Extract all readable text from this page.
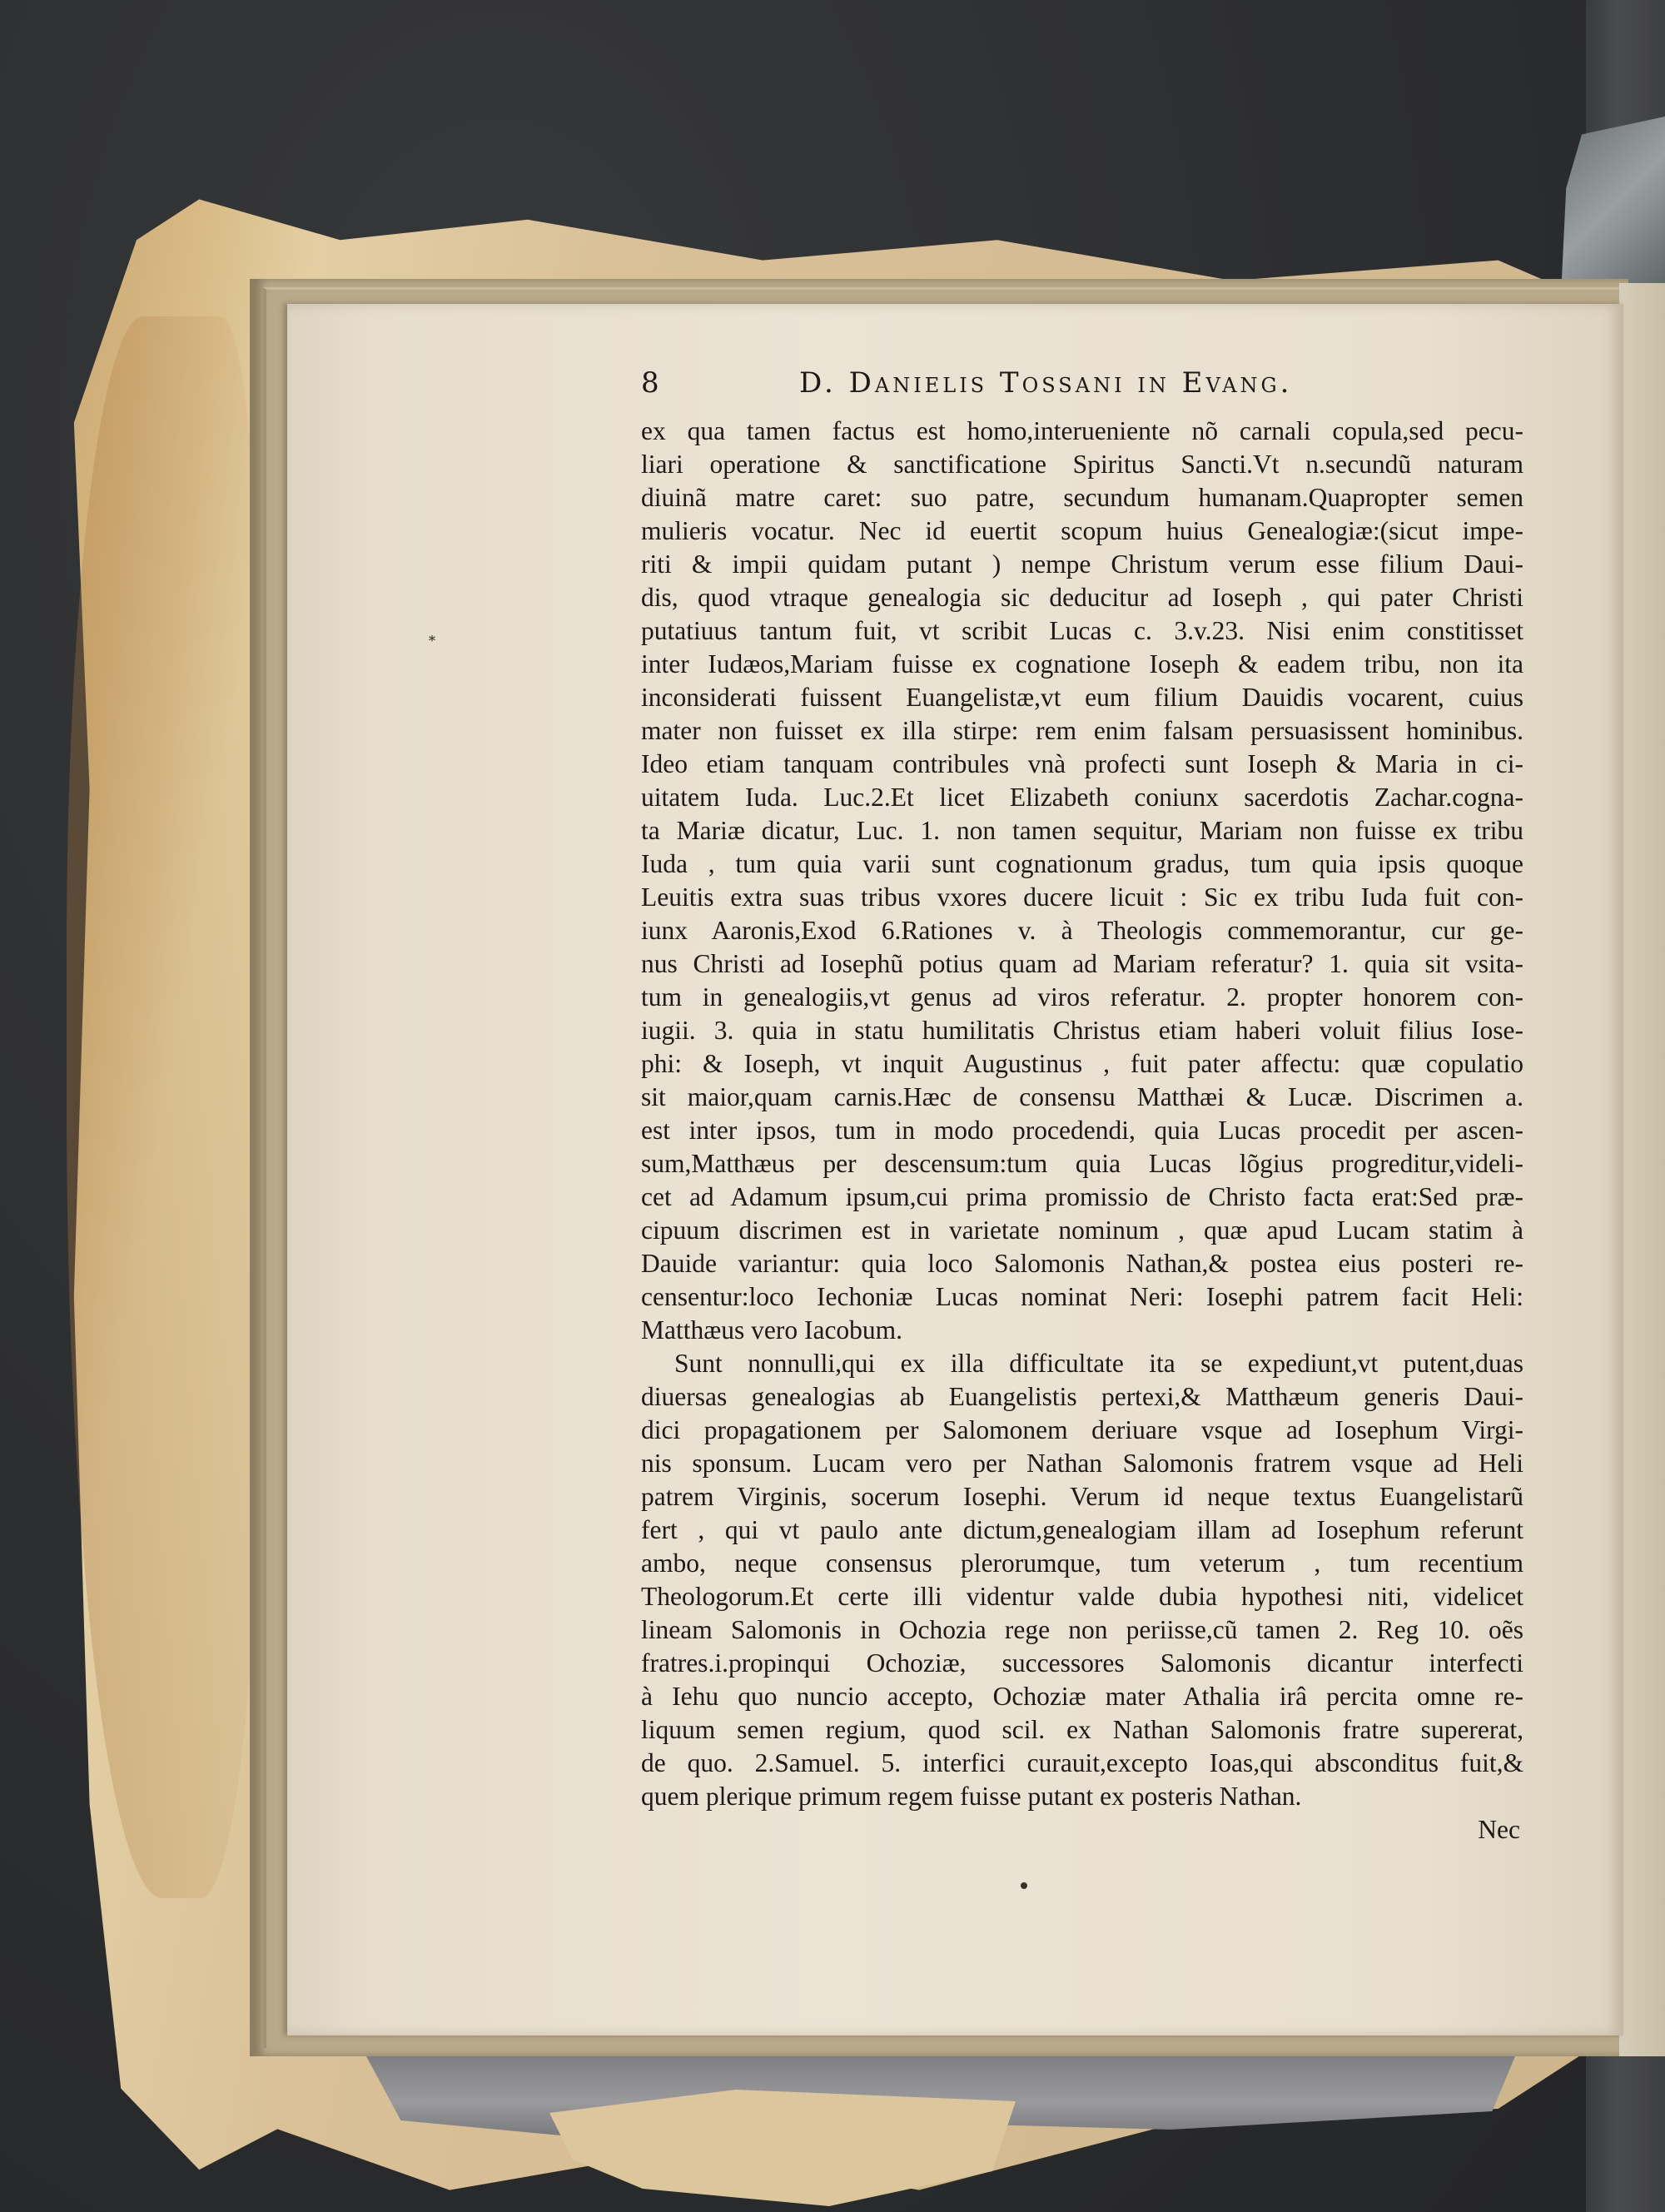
*
8	D. Danielis Tossani in Evang.
ex qua tamen factus est homo,interueniente nõ carnali copula,sed pecu-
liari operatione & sanctificatione Spiritus Sancti.Vt n.secundũ naturam
diuinã matre caret: suo patre, secundum humanam.Quapropter semen
mulieris vocatur. Nec id euertit scopum huius Genealogiæ:(sicut impe-
riti & impii quidam putant ) nempe Christum verum esse filium Daui-
dis, quod vtraque genealogia sic deducitur ad Ioseph , qui pater Christi
putatiuus tantum fuit, vt scribit Lucas c. 3.v.23. Nisi enim constitisset
inter Iudæos,Mariam fuisse ex cognatione Ioseph & eadem tribu, non ita
inconsiderati fuissent Euangelistæ,vt eum filium Dauidis vocarent, cuius
mater non fuisset ex illa stirpe: rem enim falsam persuasissent hominibus.
Ideo etiam tanquam contribules vnà profecti sunt Ioseph & Maria in ci-
uitatem Iuda. Luc.2.Et licet Elizabeth coniunx sacerdotis Zachar.cogna-
ta Mariæ dicatur, Luc. 1. non tamen sequitur, Mariam non fuisse ex tribu
Iuda , tum quia varii sunt cognationum gradus, tum quia ipsis quoque
Leuitis extra suas tribus vxores ducere licuit : Sic ex tribu Iuda fuit con-
iunx Aaronis,Exod 6.Rationes v. à Theologis commemorantur, cur ge-
nus Christi ad Iosephũ potius quam ad Mariam referatur? 1. quia sit vsita-
tum in genealogiis,vt genus ad viros referatur. 2. propter honorem con-
iugii. 3. quia in statu humilitatis Christus etiam haberi voluit filius Iose-
phi: & Ioseph, vt inquit Augustinus , fuit pater affectu: quæ copulatio
sit maior,quam carnis.Hæc de consensu Matthæi & Lucæ. Discrimen a.
est inter ipsos, tum in modo procedendi, quia Lucas procedit per ascen-
sum,Matthæus per descensum:tum quia Lucas lõgius progreditur,videli-
cet ad Adamum ipsum,cui prima promissio de Christo facta erat:Sed præ-
cipuum discrimen est in varietate nominum , quæ apud Lucam statim à
Dauide variantur: quia loco Salomonis Nathan,& postea eius posteri re-
censentur:loco Iechoniæ Lucas nominat Neri: Iosephi patrem facit Heli:
Matthæus vero Iacobum.
Sunt nonnulli,qui ex illa difficultate ita se expediunt,vt putent,duas
diuersas genealogias ab Euangelistis pertexi,& Matthæum generis Daui-
dici propagationem per Salomonem deriuare vsque ad Iosephum Virgi-
nis sponsum. Lucam vero per Nathan Salomonis fratrem vsque ad Heli
patrem Virginis, socerum Iosephi. Verum id neque textus Euangelistarũ
fert , qui vt paulo ante dictum,genealogiam illam ad Iosephum referunt
ambo, neque consensus plerorumque, tum veterum , tum recentium
Theologorum.Et certe illi videntur valde dubia hypothesi niti, videlicet
lineam Salomonis in Ochozia rege non periisse,cũ tamen 2. Reg 10. oẽs
fratres.i.propinqui Ochoziæ, successores Salomonis dicantur interfecti
à Iehu quo nuncio accepto, Ochoziæ mater Athalia irâ percita omne re-
liquum semen regium, quod scil. ex Nathan Salomonis fratre supererat,
de quo. 2.Samuel. 5. interfici curauit,excepto Ioas,qui absconditus fuit,&
quem plerique primum regem fuisse putant ex posteris Nathan.
Nec
